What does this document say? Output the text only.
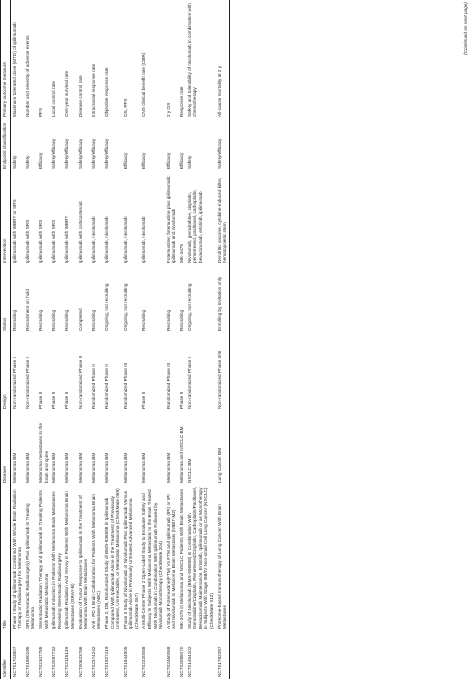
Identifier	Title	Disease	Design	Status	Intervention	Endpoint classification	Primary outcome measure
NCT01703507	Phase I Study of Ipilimumab Combined With Whole Brain Radiation Therapy or Radiosurgery for Melanoma	Melanoma BM	Non-randomized Phase I	Recruiting	Ipilimumab with WBRT or SRS	Safety	Maximum tolerated dose (MTD) of ipilimumab
NCT01950195	SRS (Stereotactic Radiosurgery) Plus Ipilimumab in Treating Melanoma	Melanoma BM	Non-randomized Phase I	Recruitment on hold	Ipilimumab with SRS	Safety	Number and severity of adverse events
NCT02107755	Stereotactic Radiation Therapy and Ipilimumab in Treating Patients With Metastatic Melanoma	Melanoma metastases in the brain and spine	Phase II	Recruiting	Ipilimumab with SRS	Efficacy	PFS
NCT02097732	Ipilimumab Induction in Patients With Melanoma Brain Metastases Receiving Stereotactic Radiosurgery	Melanoma BM	Phase II	Recruiting	Ipilimumab with SRS	Safety/efficacy	Local control rate
NCT02115139	Ipilimumab Radiation And Yervoy in Patients With Melanoma Brain Metastases (GRAY-B)	Melanoma BM	Phase II	Recruiting	Ipilimumab with WBRT	Safety/efficacy	One-year survival rate
NCT00623766	Evaluation of Tumor Response to Ipilimumab in the Treatment of Melanoma With Brain Metastases	Melanoma BM	Non-randomized Phase II	Completed	Ipilimumab with corticosteroid	Safety/efficacy	Disease control rate
NCT02374242	Anti - PD 1 Brain Collaboration for Patients With Melanoma Brain Metastases (ABC)	Melanoma BM	Randomized Phase II	Recruiting	Ipilimumab, nivolumab	Safety/efficacy	Intracranial response rate
NCT01927419	Phase 2, DB, Randomized Study of BMS-936558 in Ipilimumab Compared With Ipilimumab Alone in the Treatment of Previously Untreated, Unresectable, or Metastatic Melanoma (CheckMate 069)	Melanoma BM	Randomized Phase II	Ongoing, not recruiting	Ipilimumab, nivolumab	Safety/efficacy	Objective response rate
NCT01844505	Phase 3 Study of Nivolumab or Nivolumab Plus Ipilimumab Versus Ipilimumab Alone in Previously Untreated Advanced Melanoma (CheckMate 067)	Melanoma BM	Randomized Phase III	Ongoing, not recruiting	Ipilimumab, nivolumab	Efficacy	OS, PFS
NCT02320058	A Multi-Center Phase 2 Open-Label Study to Evaluate Safety and Efficacy in Subjects With Melanoma Metastatic to the Brain Treated With Nivolumab in Combination With Ipilimumab Followed by Nivolumab Monotherapy (CheckMate 204)	Melanoma BM	Phase II	Recruiting	Ipilimumab, nivolumab	Efficacy	CNS clinical benefit rate (CBR)
NCT02460068	A Study of Fotemustine(FTM) Vs FTM and Ipilimumab (IPI) or IPI and Nivolumab in Melanoma Brain Metastasis (NIBIT-M2)	Melanoma BM	Randomized Phase III	Recruiting	Fotemustine; fotemustine plus ipilimumab; ipilimumab and nivolumab	Efficacy	2 y OS
NCT02085070	MK-3475 in Melanoma and NSCLC Patients With Brain Metastases	Melanoma and NSCLC BM	Phase II	Recruiting	MK-3475	Efficacy	Response rate
NCT01454102	Study of Nivolumab (BMS-936558) in Combination With Gemcitabine/Cisplatin, Pemetrexed/Cisplatin, Carboplatin/Paclitaxel, Bevacizumab Maintenance, Erlotinib, Ipilimumab or as Monotherapy in Subjects With Stage IIIB/IV Non-small Cell Lung Cancer (NSCLC) (CheckMate 012)	NSCLC BM	Non-randomized Phase I	Ongoing, not recruiting	Nivolumab, gemcitabine, cisplatin, pemetrexed, paclitaxel, carboplatin, bevacizumab, erlotinib, ipilimumab	Safety	Safety and tolerability of nivolumab in combination with chemotherapy
NCT01782287	Proteome-based Immunotherapy of Lung Cancer With Brain Metastases	Lung Cancer BM	Non-randomized Phase II/III	Enrolling by invitation only	Dendritic vaccine, cytokine-induced killer, hematopoietic stem	Safety/efficacy	All-cause mortality at 2 y
(Continued on next page)
